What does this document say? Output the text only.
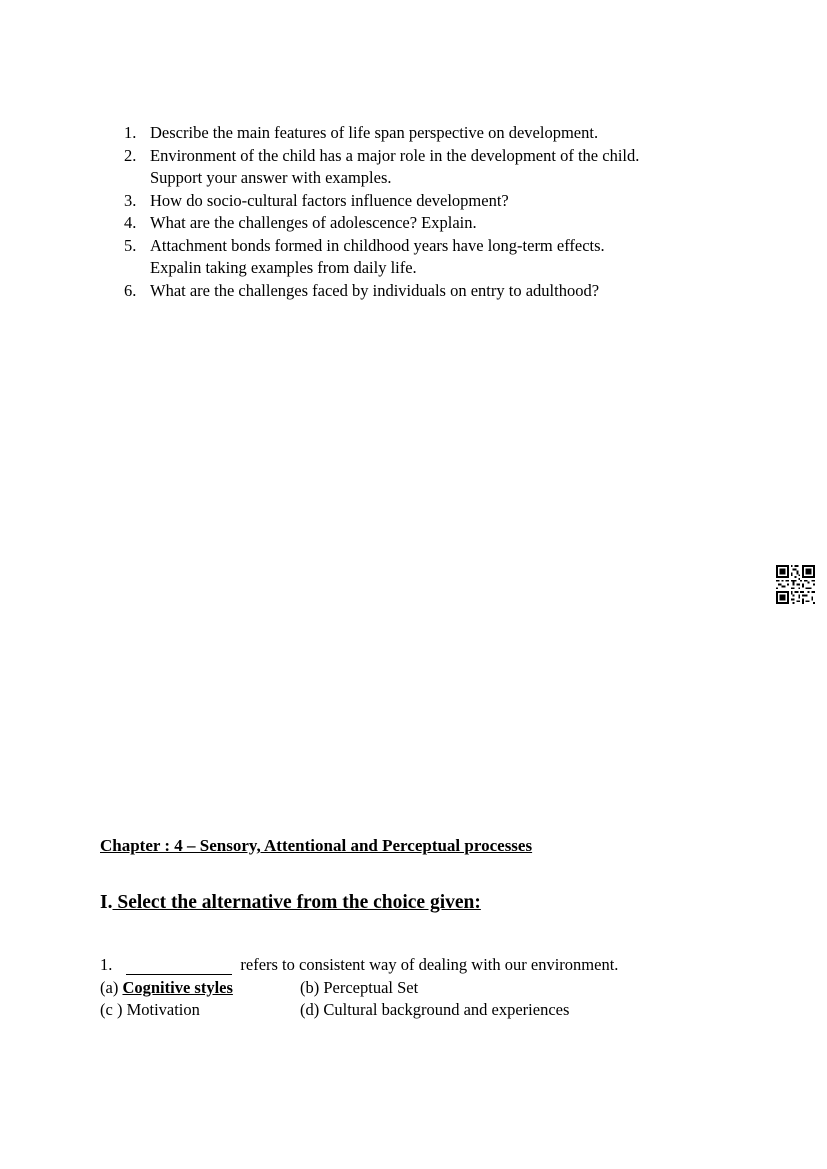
1. Describe the main features of life span perspective on development.
2. Environment of the child has a major role in the development of the child.
Support your answer with examples.
3. How do socio-cultural factors influence development?
4. What are the challenges of adolescence? Explain.
5. Attachment bonds formed in childhood years have long-term effects.
Expalin taking examples from daily life.
6. What are the challenges faced by individuals on entry to adulthood?
Chapter : 4 – Sensory, Attentional and Perceptual processes
I. Select the alternative from the choice given:
1.	refers to consistent way of dealing with our environment.
(a) Cognitive styles	(b) Perceptual Set
(c ) Motivation	(d) Cultural background and experiences
